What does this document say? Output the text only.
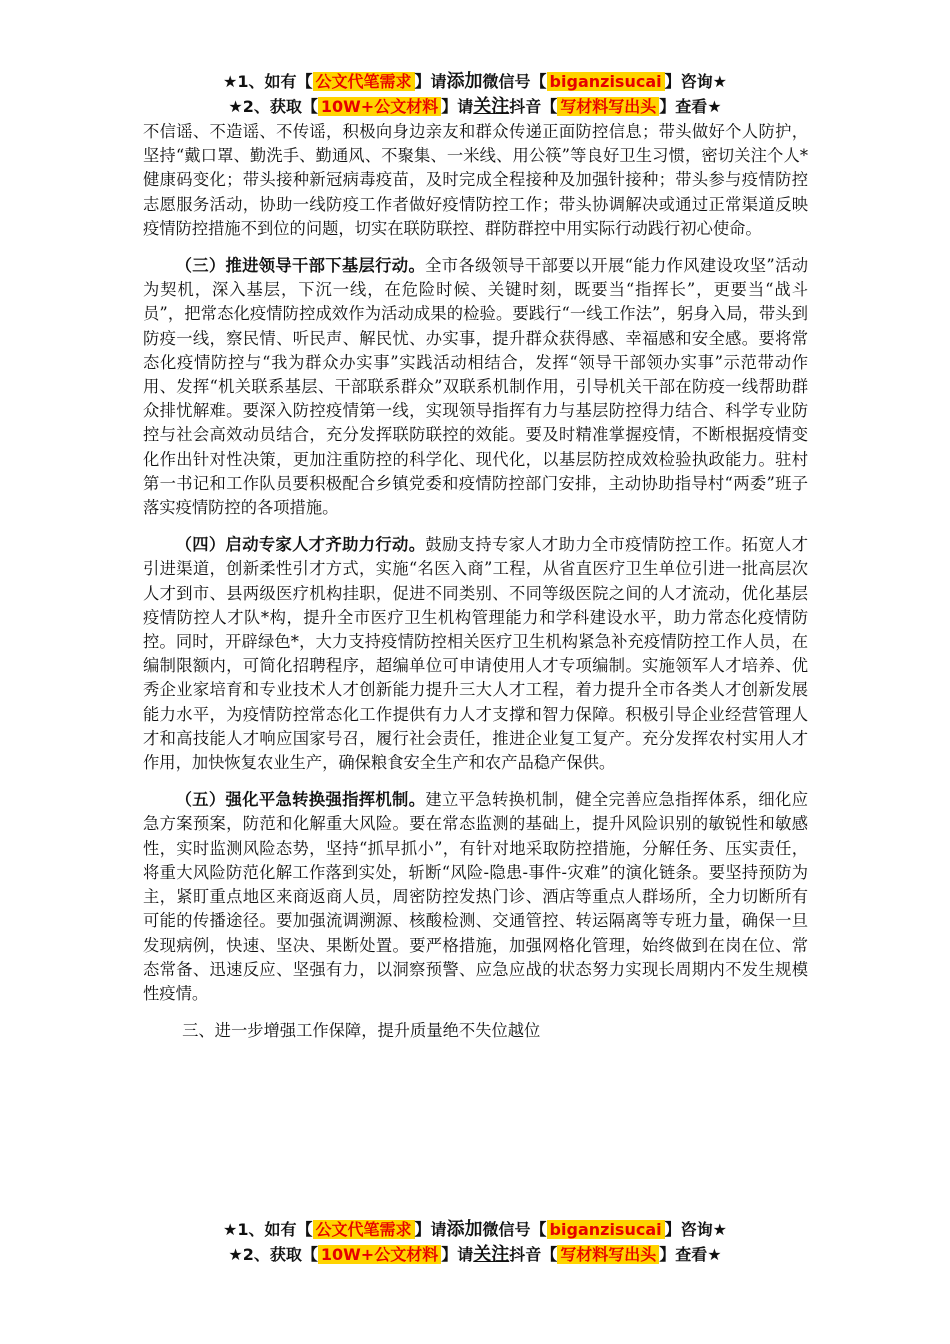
★1、如有【 公文代笔需求 】请添加微信号【 biganzisucai 】咨询★
★2、获取【 10W+公文材料 】请关注抖音【 写材料写出头 】查看★

不信谣、不造谣、不传谣，积极向身边亲友和群众传递正面防控信息；带头做好个人防护，坚持“戴口罩、勤洗手、勤通风、不聚集、一米线、用公筷”等良好卫生习惯，密切关注个人*健康码变化；带头接种新冠病毒疫苗，及时完成全程接种及加强针接种；带头参与疫情防控志愿服务活动，协助一线防疫工作者做好疫情防控工作；带头协调解决或通过正常渠道反映疫情防控措施不到位的问题，切实在联防联控、群防群控中用实际行动践行初心使命。

（三）推进领导干部下基层行动。全市各级领导干部要以开展“能力作风建设攻坚”活动为契机，深入基层，下沉一线，在危险时候、关键时刻，既要当“指挥长”，更要当“战斗员”，把常态化疫情防控成效作为活动成果的检验。要践行“一线工作法”，躬身入局，带头到防疫一线，察民情、听民声、解民忧、办实事，提升群众获得感、幸福感和安全感。要将常态化疫情防控与“我为群众办实事”实践活动相结合，发挥“领导干部领办实事”示范带动作用、发挥“机关联系基层、干部联系群众”双联系机制作用，引导机关干部在防疫一线帮助群众排忧解难。要深入防控疫情第一线，实现领导指挥有力与基层防控得力结合、科学专业防控与社会高效动员结合，充分发挥联防联控的效能。要及时精准掌握疫情，不断根据疫情变化作出针对性决策，更加注重防控的科学化、现代化，以基层防控成效检验执政能力。驻村第一书记和工作队员要积极配合乡镇党委和疫情防控部门安排，主动协助指导村“两委”班子落实疫情防控的各项措施。

（四）启动专家人才齐助力行动。鼓励支持专家人才助力全市疫情防控工作。拓宽人才引进渠道，创新柔性引才方式，实施“名医入商”工程，从省直医疗卫生单位引进一批高层次人才到市、县两级医疗机构挂职，促进不同类别、不同等级医院之间的人才流动，优化基层疫情防控人才队*构，提升全市医疗卫生机构管理能力和学科建设水平，助力常态化疫情防控。同时，开辟绿色*，大力支持疫情防控相关医疗卫生机构紧急补充疫情防控工作人员，在编制限额内，可简化招聘程序，超编单位可申请使用人才专项编制。实施领军人才培养、优秀企业家培育和专业技术人才创新能力提升三大人才工程，着力提升全市各类人才创新发展能力水平，为疫情防控常态化工作提供有力人才支撑和智力保障。积极引导企业经营管理人才和高技能人才响应国家号召，履行社会责任，推进企业复工复产。充分发挥农村实用人才作用，加快恢复农业生产，确保粮食安全生产和农产品稳产保供。

（五）强化平急转换强指挥机制。建立平急转换机制，健全完善应急指挥体系，细化应急方案预案，防范和化解重大风险。要在常态监测的基础上，提升风险识别的敏锐性和敏感性，实时监测风险态势，坚持“抓早抓小”，有针对地采取防控措施，分解任务、压实责任，将重大风险防范化解工作落到实处，斩断“风险-隐患-事件-灾难”的演化链条。要坚持预防为主，紧盯重点地区来商返商人员，周密防控发热门诊、酒店等重点人群场所，全力切断所有可能的传播途径。要加强流调溯源、核酸检测、交通管控、转运隔离等专班力量，确保一旦发现病例，快速、坚决、果断处置。要严格措施，加强网格化管理，始终做到在岗在位、常态常备、迅速反应、坚强有力，以洞察预警、应急应战的状态努力实现长周期内不发生规模性疫情。

三、进一步增强工作保障，提升质量绝不失位越位
★1、如有【 公文代笔需求 】请添加微信号【 biganzisucai 】咨询★
★2、获取【 10W+公文材料 】请关注抖音【 写材料写出头 】查看★
